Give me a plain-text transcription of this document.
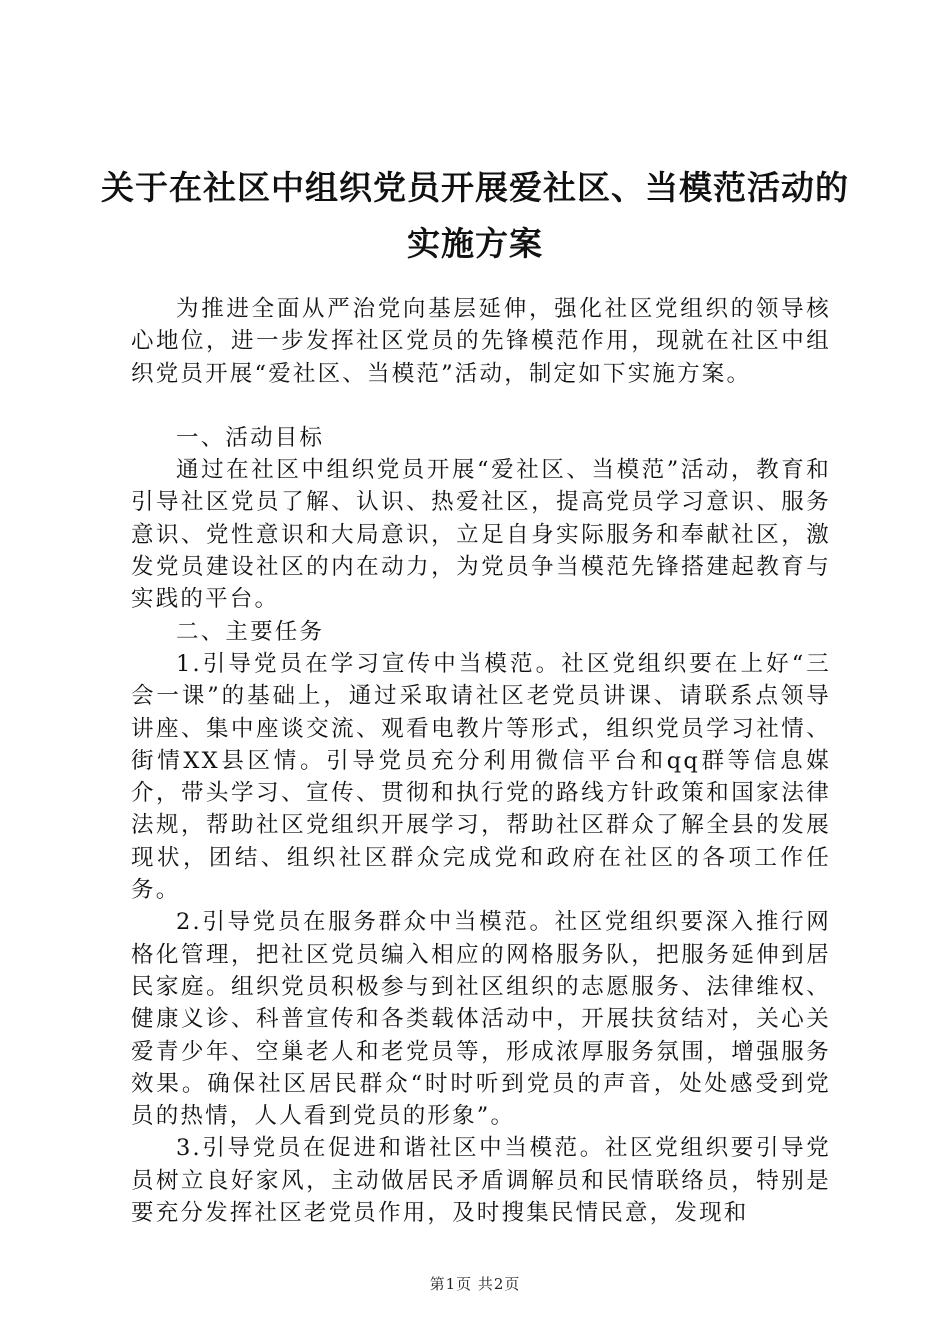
关于在社区中组织党员开展爱社区、当模范活动的实施方案

为推进全面从严治党向基层延伸，强化社区党组织的领导核心地位，进一步发挥社区党员的先锋模范作用，现就在社区中组织党员开展“爱社区、当模范”活动，制定如下实施方案。

一、活动目标

通过在社区中组织党员开展“爱社区、当模范”活动，教育和引导社区党员了解、认识、热爱社区，提高党员学习意识、服务意识、党性意识和大局意识，立足自身实际服务和奉献社区，激发党员建设社区的内在动力，为党员争当模范先锋搭建起教育与实践的平台。

二、主要任务

1.引导党员在学习宣传中当模范。社区党组织要在上好“三会一课”的基础上，通过采取请社区老党员讲课、请联系点领导讲座、集中座谈交流、观看电教片等形式，组织党员学习社情、街情XX县区情。引导党员充分利用微信平台和qq群等信息媒介，带头学习、宣传、贯彻和执行党的路线方针政策和国家法律法规，帮助社区党组织开展学习，帮助社区群众了解全县的发展现状，团结、组织社区群众完成党和政府在社区的各项工作任务。

2.引导党员在服务群众中当模范。社区党组织要深入推行网格化管理，把社区党员编入相应的网格服务队，把服务延伸到居民家庭。组织党员积极参与到社区组织的志愿服务、法律维权、健康义诊、科普宣传和各类载体活动中，开展扶贫结对，关心关爱青少年、空巢老人和老党员等，形成浓厚服务氛围，增强服务效果。确保社区居民群众“时时听到党员的声音，处处感受到党员的热情，人人看到党员的形象”。

3.引导党员在促进和谐社区中当模范。社区党组织要引导党员树立良好家风，主动做居民矛盾调解员和民情联络员，特别是要充分发挥社区老党员作用，及时搜集民情民意，发现和

第1页 共2页
